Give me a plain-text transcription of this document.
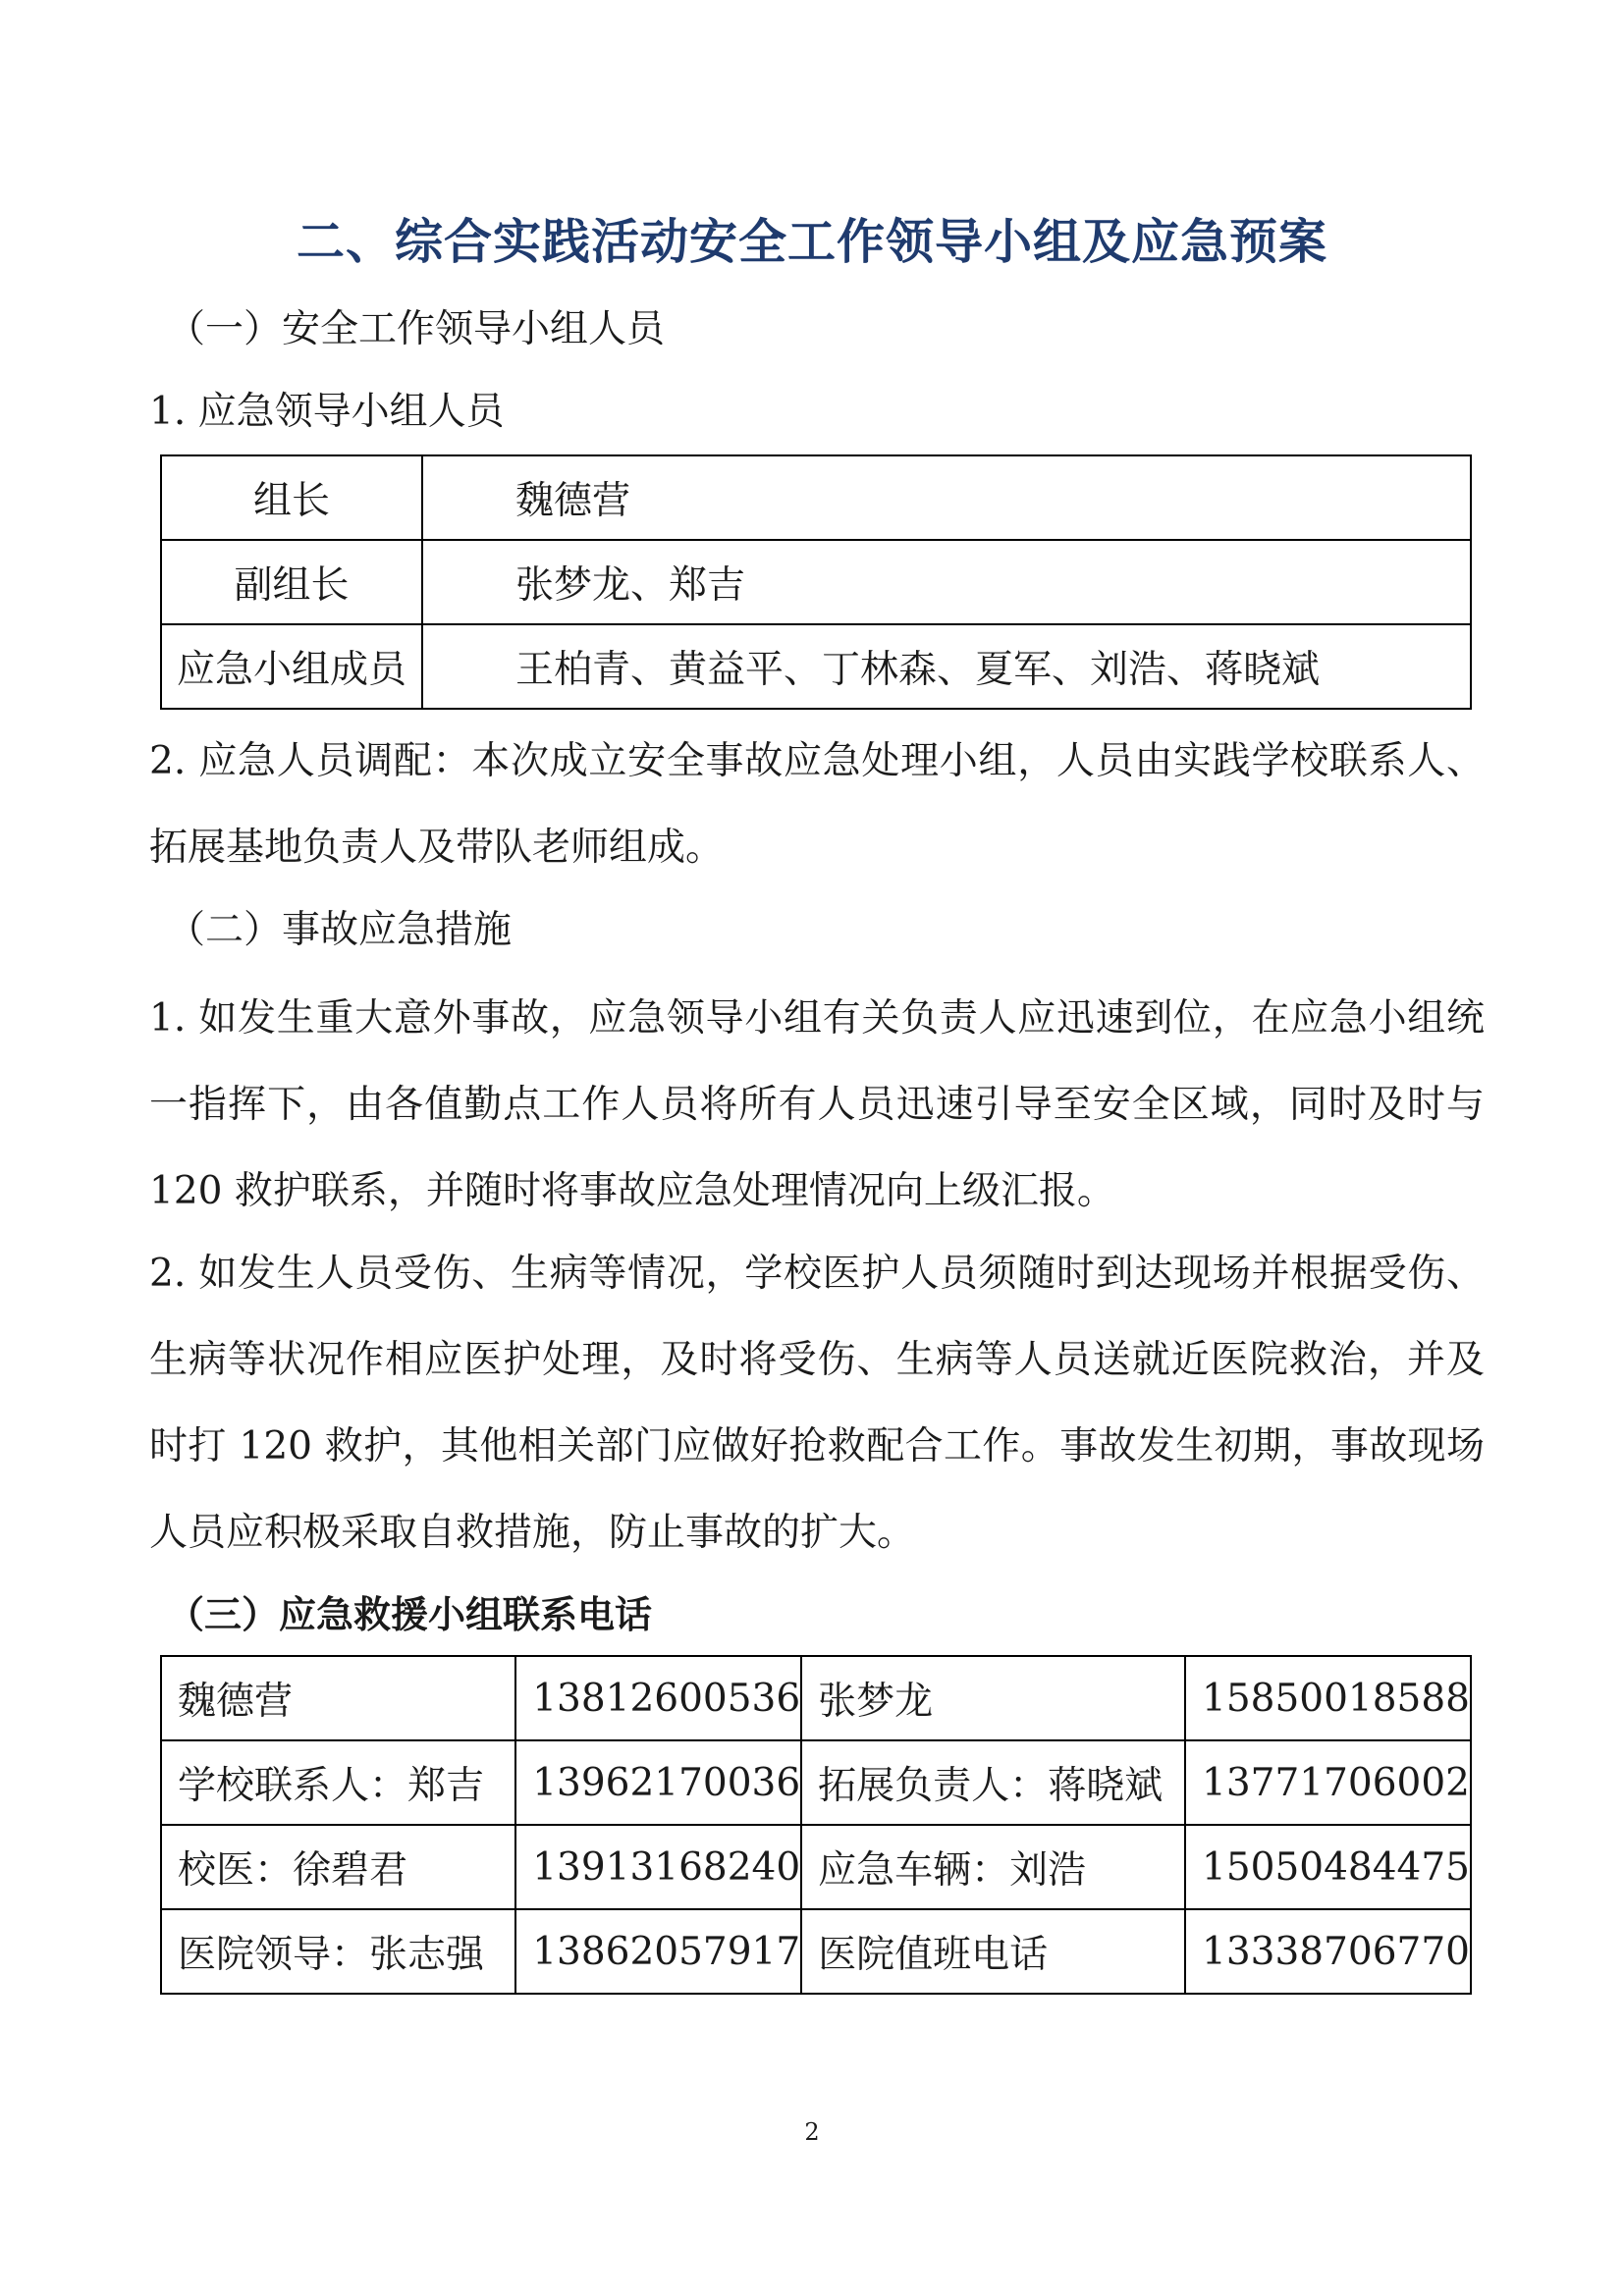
二、综合实践活动安全工作领导小组及应急预案
（一）安全工作领导小组人员
1. 应急领导小组人员
组长	魏德营
副组长	张梦龙、郑吉
应急小组成员	王柏青、黄益平、丁林森、夏军、刘浩、蒋晓斌
2. 应急人员调配：本次成立安全事故应急处理小组，人员由实践学校联系人、拓展基地负责人及带队老师组成。
（二）事故应急措施
1. 如发生重大意外事故，应急领导小组有关负责人应迅速到位，在应急小组统一指挥下，由各值勤点工作人员将所有人员迅速引导至安全区域，同时及时与 120 救护联系，并随时将事故应急处理情况向上级汇报。
2. 如发生人员受伤、生病等情况，学校医护人员须随时到达现场并根据受伤、生病等状况作相应医护处理，及时将受伤、生病等人员送就近医院救治，并及时打 120 救护，其他相关部门应做好抢救配合工作。事故发生初期，事故现场人员应积极采取自救措施，防止事故的扩大。
（三）应急救援小组联系电话
魏德营	13812600536	张梦龙	15850018588
学校联系人：郑吉	13962170036	拓展负责人：蒋晓斌	13771706002
校医：徐碧君	13913168240	应急车辆：刘浩	15050484475
医院领导：张志强	13862057917	医院值班电话	13338706770
2
